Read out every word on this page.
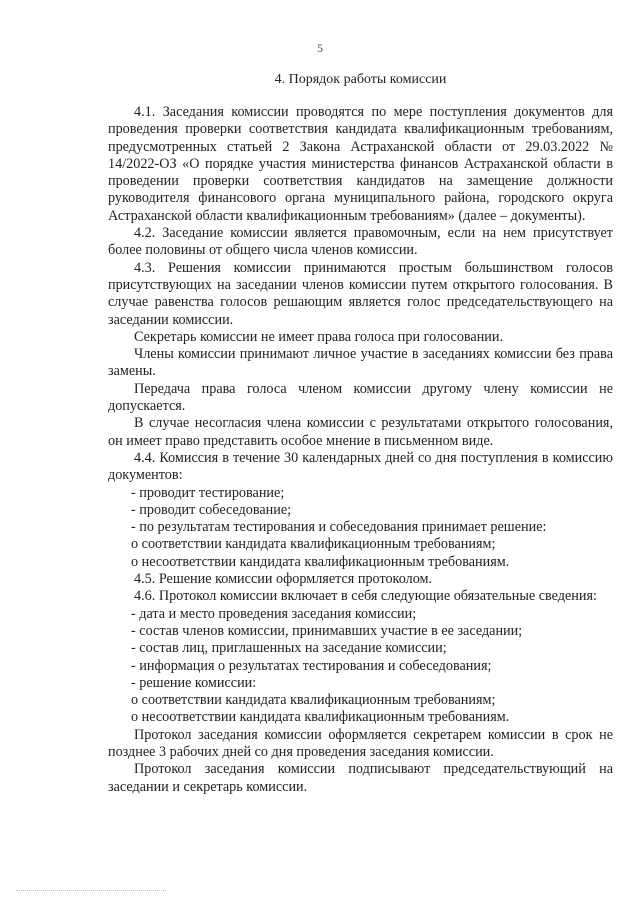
5
4. Порядок работы комиссии

4.1. Заседания комиссии проводятся по мере поступления документов для проведения проверки соответствия кандидата квалификационным требованиям, предусмотренных статьей 2 Закона Астраханской области от 29.03.2022 № 14/2022-ОЗ «О порядке участия министерства финансов Астраханской области в проведении проверки соответствия кандидатов на замещение должности руководителя финансового органа муниципального района, городского округа Астраханской области квалификационным требованиям» (далее – документы).

4.2. Заседание комиссии является правомочным, если на нем присутствует более половины от общего числа членов комиссии.

4.3. Решения комиссии принимаются простым большинством голосов присутствующих на заседании членов комиссии путем открытого голосования. В случае равенства голосов решающим является голос председательствующего на заседании комиссии.

Секретарь комиссии не имеет права голоса при голосовании.

Члены комиссии принимают личное участие в заседаниях комиссии без права замены.

Передача права голоса членом комиссии другому члену комиссии не допускается.

В случае несогласия члена комиссии с результатами открытого голосования, он имеет право представить особое мнение в письменном виде.

4.4. Комиссия в течение 30 календарных дней со дня поступления в комиссию документов:

- проводит тестирование;

- проводит собеседование;

- по результатам тестирования и собеседования принимает решение:

о соответствии кандидата квалификационным требованиям;

о несоответствии кандидата квалификационным требованиям.

4.5. Решение комиссии оформляется протоколом.

4.6. Протокол комиссии включает в себя следующие обязательные сведения:

- дата и место проведения заседания комиссии;

- состав членов комиссии, принимавших участие в ее заседании;

- состав лиц, приглашенных на заседание комиссии;

- информация о результатах тестирования и собеседования;

- решение комиссии:

о соответствии кандидата квалификационным требованиям;

о несоответствии кандидата квалификационным требованиям.

Протокол заседания комиссии оформляется секретарем комиссии в срок не позднее 3 рабочих дней со дня проведения заседания комиссии.

Протокол заседания комиссии подписывают председательствующий на заседании и секретарь комиссии.
